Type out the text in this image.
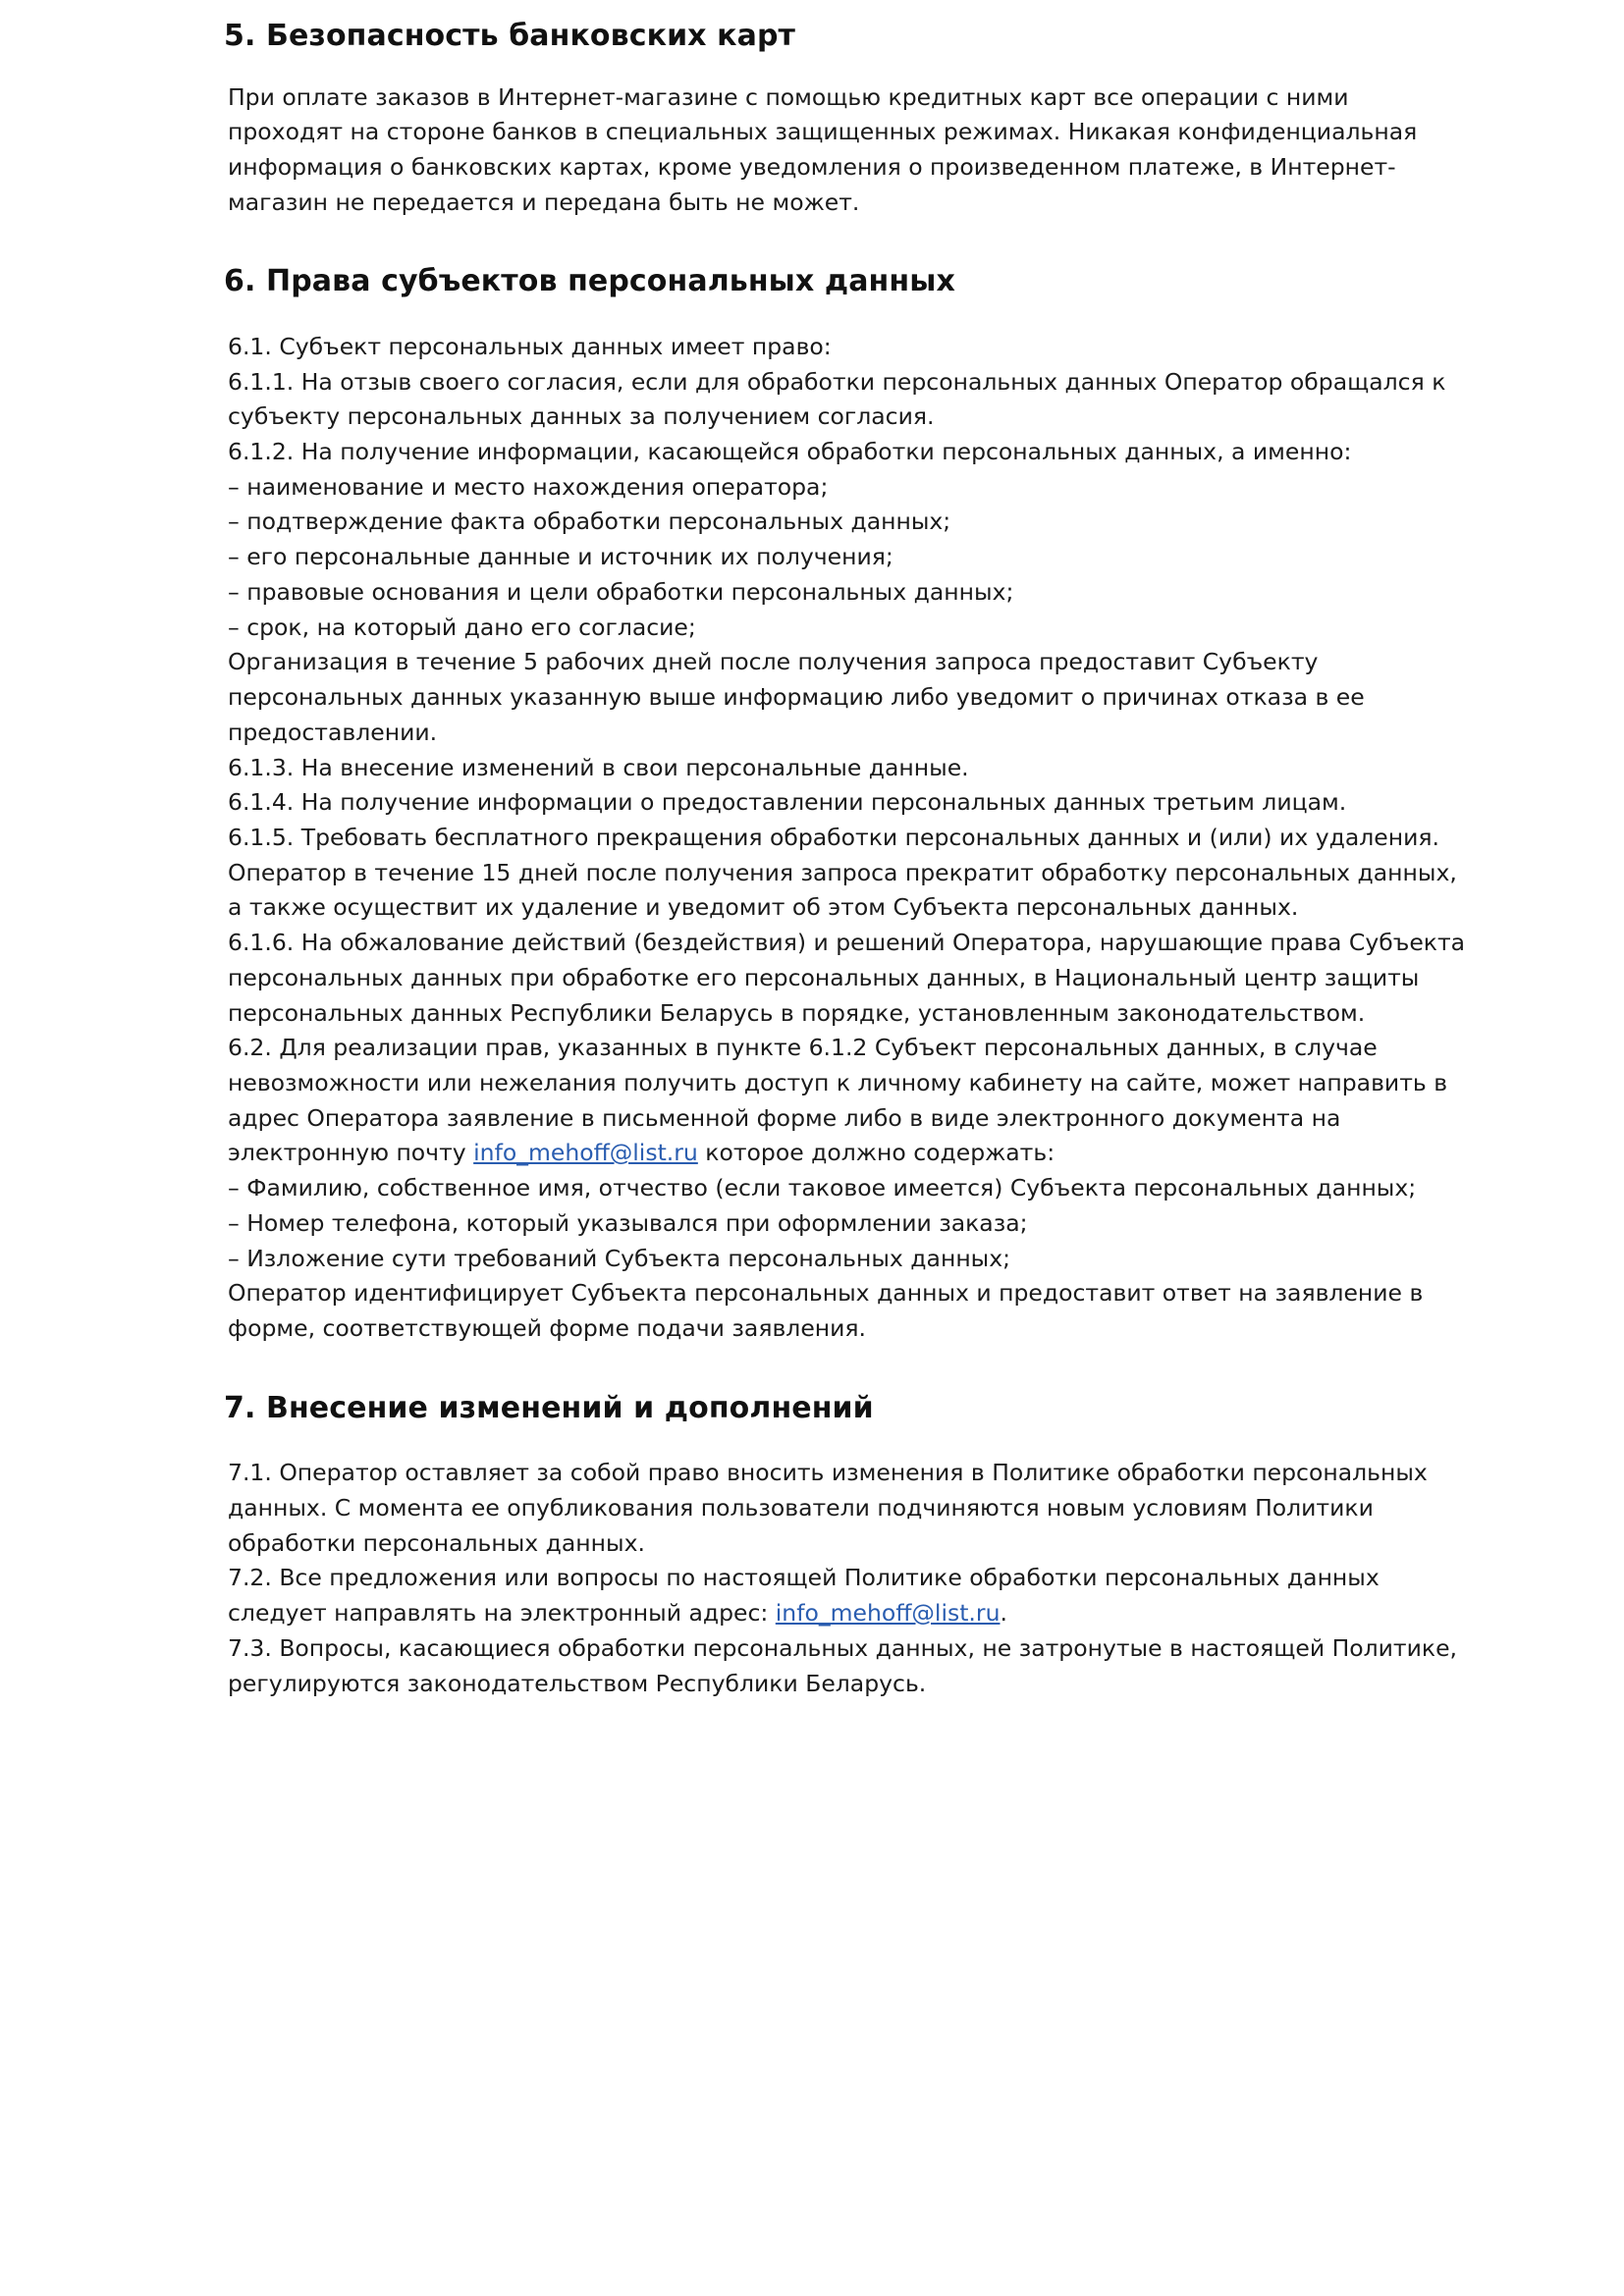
5. Безопасность банковских карт

При оплате заказов в Интернет-магазине с помощью кредитных карт все операции с ними проходят на стороне банков в специальных защищенных режимах. Никакая конфиденциальная информация о банковских картах, кроме уведомления о произведенном платеже, в Интернет-магазин не передается и передана быть не может.

6. Права субъектов персональных данных

6.1. Субъект персональных данных имеет право:

6.1.1. На отзыв своего согласия, если для обработки персональных данных Оператор обращался к субъекту персональных данных за получением согласия.

6.1.2. На получение информации, касающейся обработки персональных данных, а именно:

– наименование и место нахождения оператора;

– подтверждение факта обработки персональных данных;

– его персональные данные и источник их получения;

– правовые основания и цели обработки персональных данных;

– срок, на который дано его согласие;

Организация в течение 5 рабочих дней после получения запроса предоставит Субъекту персональных данных указанную выше информацию либо уведомит о причинах отказа в ее предоставлении.

6.1.3. На внесение изменений в свои персональные данные.

6.1.4. На получение информации о предоставлении персональных данных третьим лицам.

6.1.5. Требовать бесплатного прекращения обработки персональных данных и (или) их удаления.

Оператор в течение 15 дней после получения запроса прекратит обработку персональных данных, а также осуществит их удаление и уведомит об этом Субъекта персональных данных.

6.1.6. На обжалование действий (бездействия) и решений Оператора, нарушающие права Субъекта персональных данных при обработке его персональных данных, в Национальный центр защиты персональных данных Республики Беларусь в порядке, установленным законодательством.

6.2. Для реализации прав, указанных в пункте 6.1.2 Субъект персональных данных, в случае невозможности или нежелания получить доступ к личному кабинету на сайте, может направить в адрес Оператора заявление в письменной форме либо в виде электронного документа на электронную почту info_mehoff@list.ru которое должно содержать:

– Фамилию, собственное имя, отчество (если таковое имеется) Субъекта персональных данных;

– Номер телефона, который указывался при оформлении заказа;

– Изложение сути требований Субъекта персональных данных;

Оператор идентифицирует Субъекта персональных данных и предоставит ответ на заявление в форме, соответствующей форме подачи заявления.

7. Внесение изменений и дополнений

7.1. Оператор оставляет за собой право вносить изменения в Политике обработки персональных данных. С момента ее опубликования пользователи подчиняются новым условиям Политики обработки персональных данных.

7.2. Все предложения или вопросы по настоящей Политике обработки персональных данных следует направлять на электронный адрес: info_mehoff@list.ru.

7.3. Вопросы, касающиеся обработки персональных данных, не затронутые в настоящей Политике, регулируются законодательством Республики Беларусь.
